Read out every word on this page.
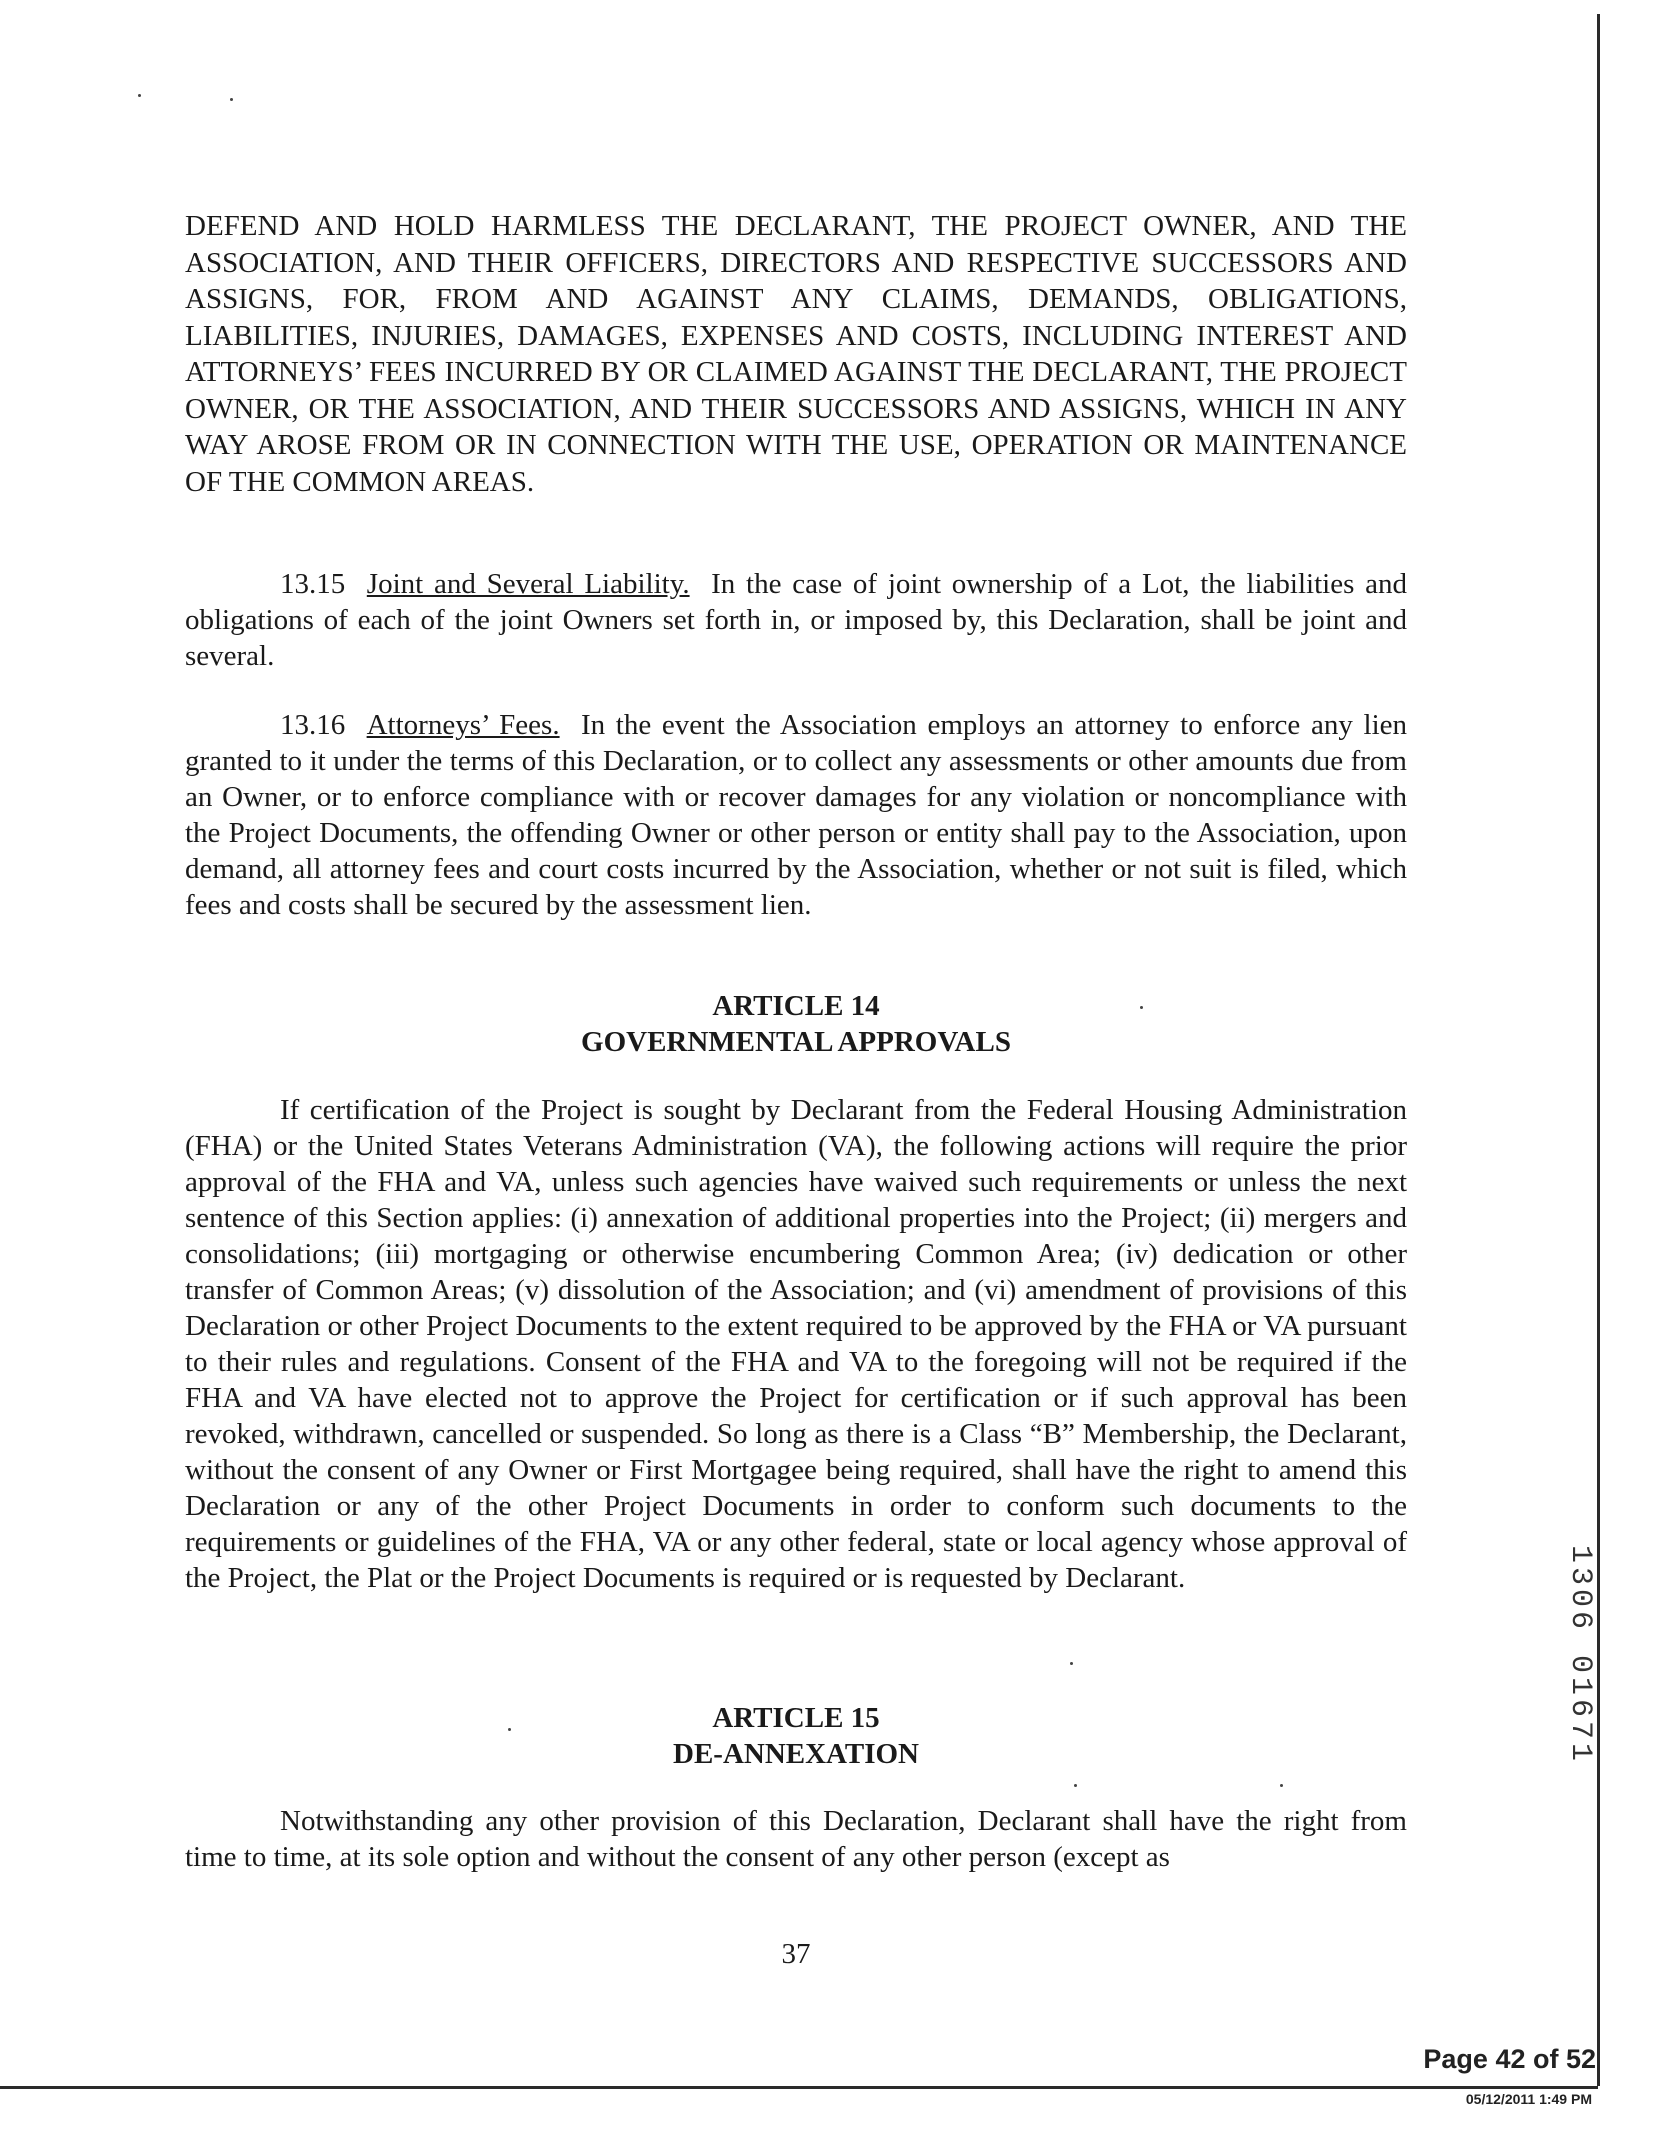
DEFEND AND HOLD HARMLESS THE DECLARANT, THE PROJECT OWNER, AND THE ASSOCIATION, AND THEIR OFFICERS, DIRECTORS AND RESPECTIVE SUCCESSORS AND ASSIGNS, FOR, FROM AND AGAINST ANY CLAIMS, DEMANDS, OBLIGATIONS, LIABILITIES, INJURIES, DAMAGES, EXPENSES AND COSTS, INCLUDING INTEREST AND ATTORNEYS’ FEES INCURRED BY OR CLAIMED AGAINST THE DECLARANT, THE PROJECT OWNER, OR THE ASSOCIATION, AND THEIR SUCCESSORS AND ASSIGNS, WHICH IN ANY WAY AROSE FROM OR IN CONNECTION WITH THE USE, OPERATION OR MAINTENANCE OF THE COMMON AREAS.

13.15 Joint and Several Liability. In the case of joint ownership of a Lot, the liabilities and obligations of each of the joint Owners set forth in, or imposed by, this Declaration, shall be joint and several.

13.16 Attorneys’ Fees. In the event the Association employs an attorney to enforce any lien granted to it under the terms of this Declaration, or to collect any assessments or other amounts due from an Owner, or to enforce compliance with or recover damages for any violation or noncompliance with the Project Documents, the offending Owner or other person or entity shall pay to the Association, upon demand, all attorney fees and court costs incurred by the Association, whether or not suit is filed, which fees and costs shall be secured by the assessment lien.

ARTICLE 14
GOVERNMENTAL APPROVALS

If certification of the Project is sought by Declarant from the Federal Housing Administration (FHA) or the United States Veterans Administration (VA), the following actions will require the prior approval of the FHA and VA, unless such agencies have waived such requirements or unless the next sentence of this Section applies: (i) annexation of additional properties into the Project; (ii) mergers and consolidations; (iii) mortgaging or otherwise encumbering Common Area; (iv) dedication or other transfer of Common Areas; (v) dissolution of the Association; and (vi) amendment of provisions of this Declaration or other Project Documents to the extent required to be approved by the FHA or VA pursuant to their rules and regulations. Consent of the FHA and VA to the foregoing will not be required if the FHA and VA have elected not to approve the Project for certification or if such approval has been revoked, withdrawn, cancelled or suspended. So long as there is a Class “B” Membership, the Declarant, without the consent of any Owner or First Mortgagee being required, shall have the right to amend this Declaration or any of the other Project Documents in order to conform such documents to the requirements or guidelines of the FHA, VA or any other federal, state or local agency whose approval of the Project, the Plat or the Project Documents is required or is requested by Declarant.

ARTICLE 15
DE-ANNEXATION

Notwithstanding any other provision of this Declaration, Declarant shall have the right from time to time, at its sole option and without the consent of any other person (except as

37
1306 01671
Page 42 of 52
05/12/2011 1:49 PM
